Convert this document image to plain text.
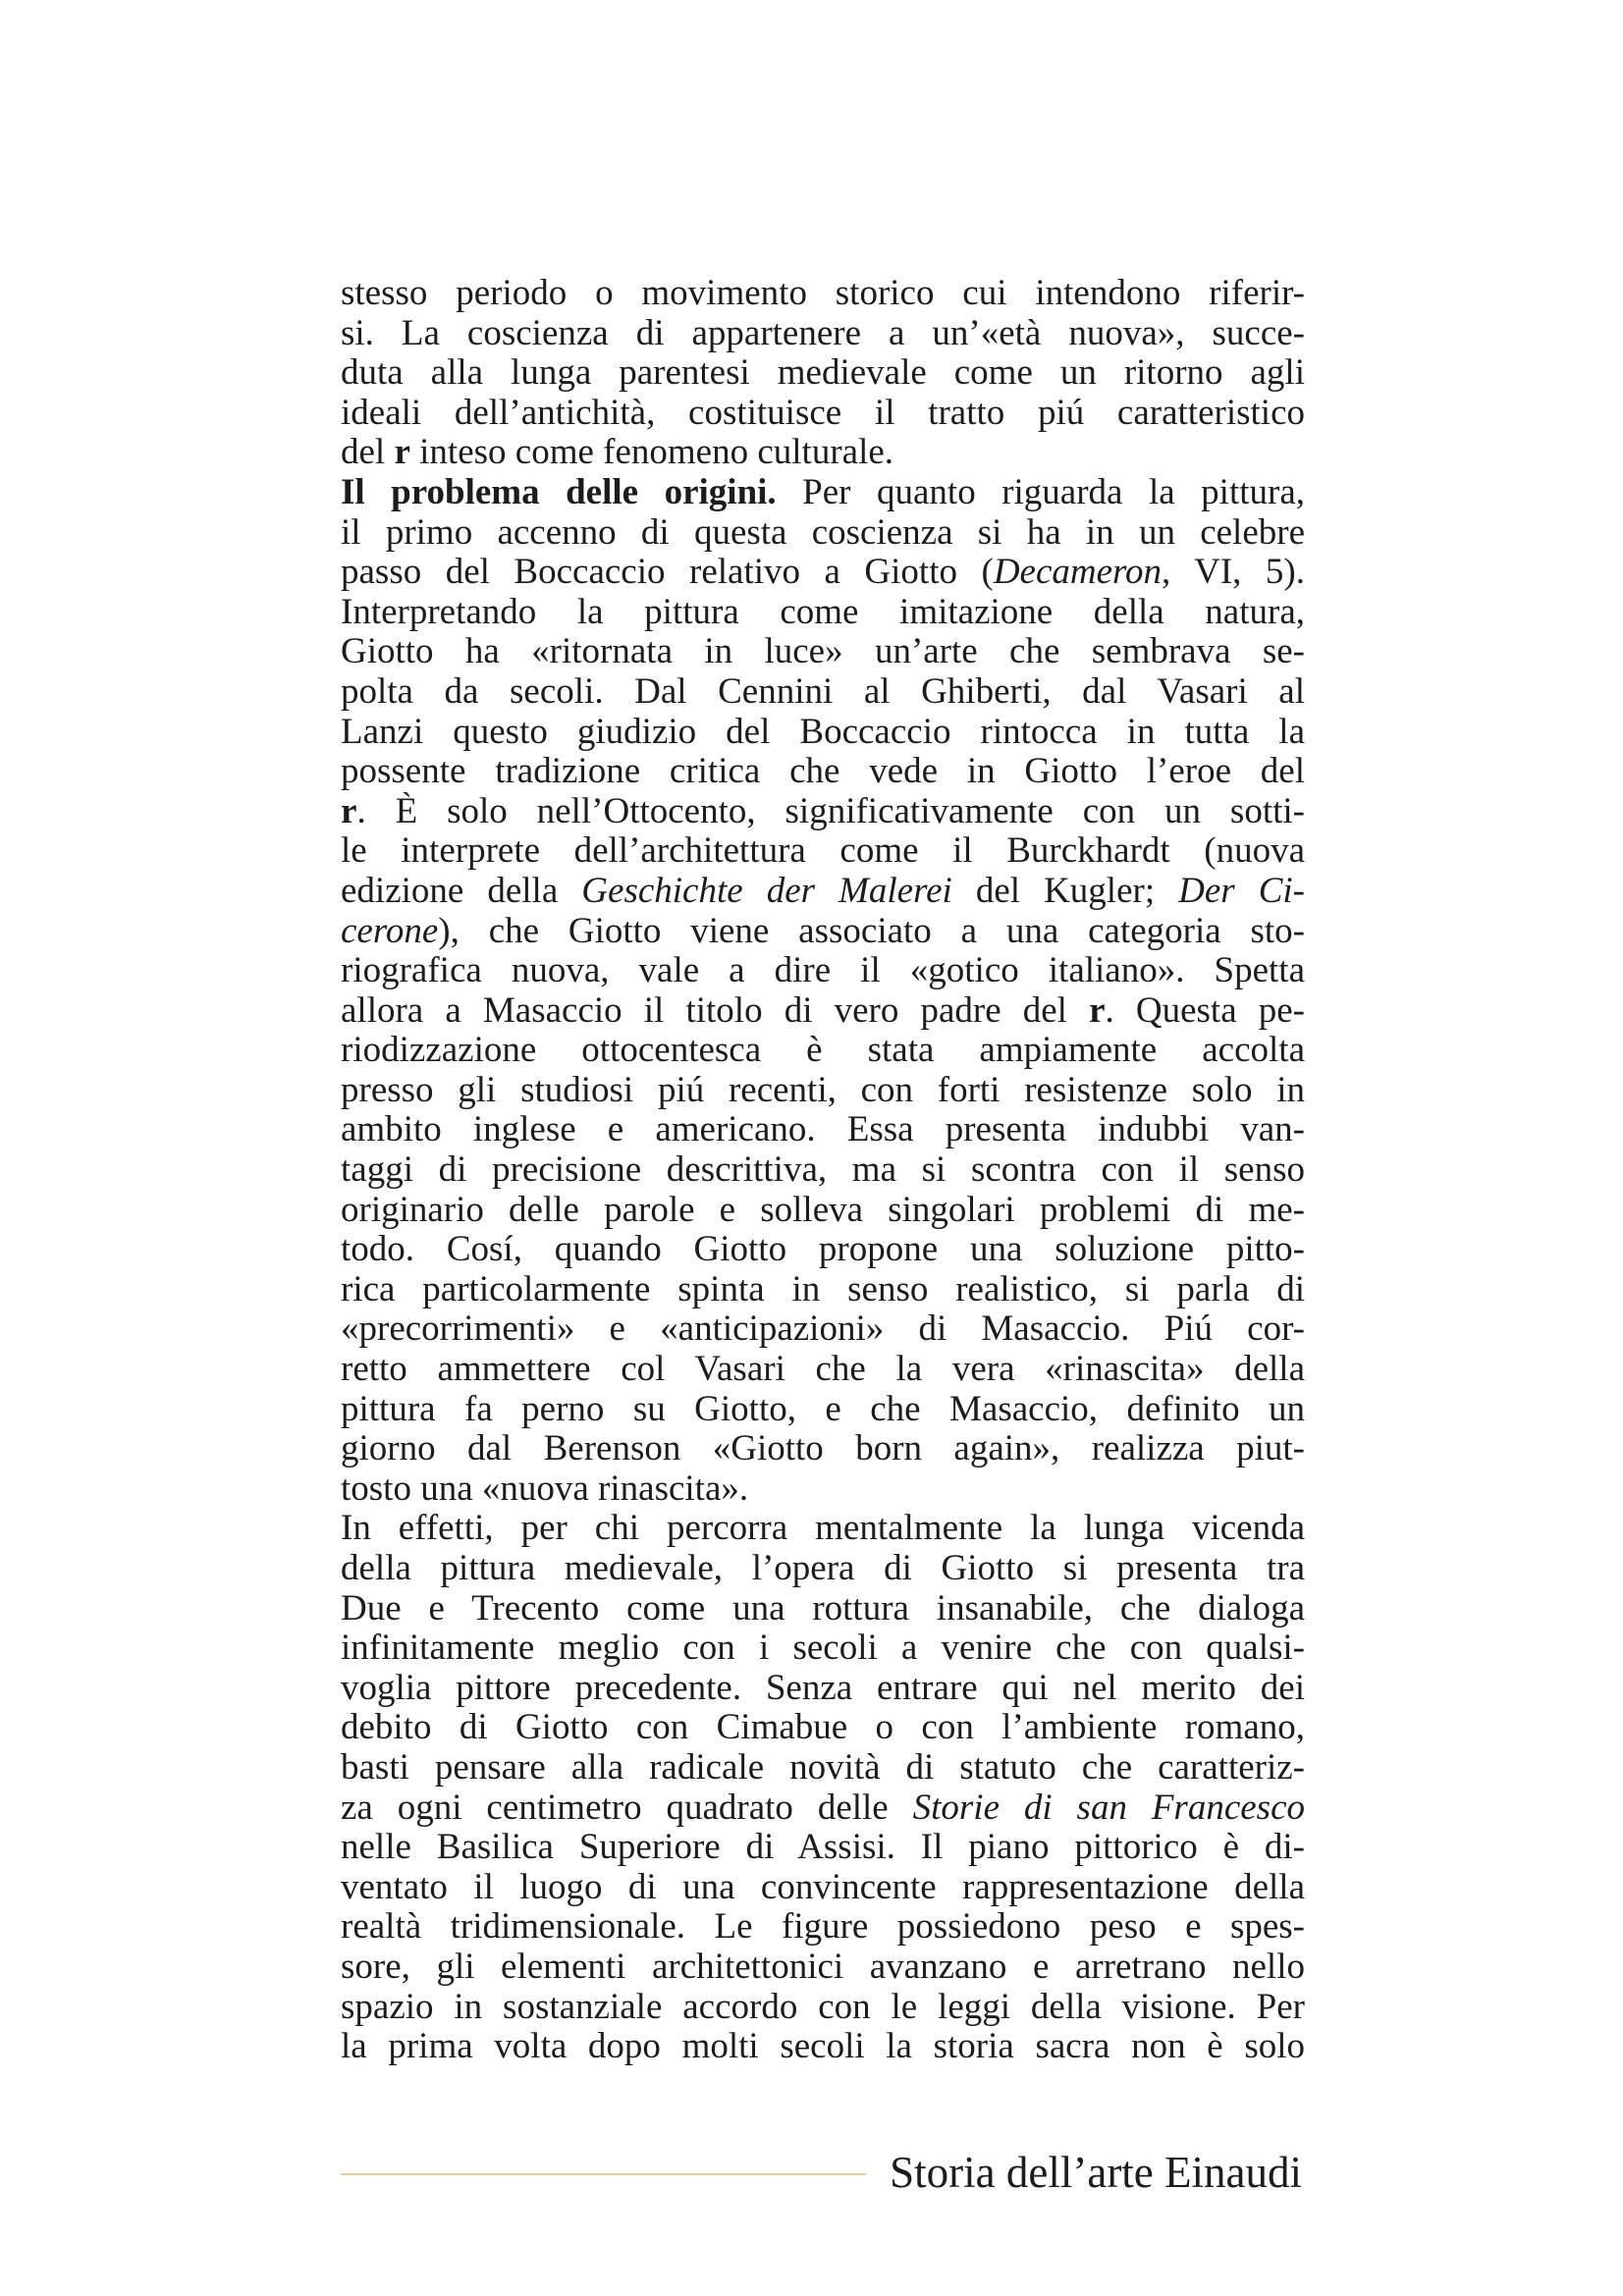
stesso periodo o movimento storico cui intendono riferir-
si. La coscienza di appartenere a un’«età nuova», succe-
duta alla lunga parentesi medievale come un ritorno agli
ideali dell’antichità, costituisce il tratto piú caratteristico
del r inteso come fenomeno culturale.
Il problema delle origini. Per quanto riguarda la pittura,
il primo accenno di questa coscienza si ha in un celebre
passo del Boccaccio relativo a Giotto (Decameron, VI, 5).
Interpretando la pittura come imitazione della natura,
Giotto ha «ritornata in luce» un’arte che sembrava se-
polta da secoli. Dal Cennini al Ghiberti, dal Vasari al
Lanzi questo giudizio del Boccaccio rintocca in tutta la
possente tradizione critica che vede in Giotto l’eroe del
r. È solo nell’Ottocento, significativamente con un sotti-
le interprete dell’architettura come il Burckhardt (nuova
edizione della Geschichte der Malerei del Kugler; Der Ci-
cerone), che Giotto viene associato a una categoria sto-
riografica nuova, vale a dire il «gotico italiano». Spetta
allora a Masaccio il titolo di vero padre del r. Questa pe-
riodizzazione ottocentesca è stata ampiamente accolta
presso gli studiosi piú recenti, con forti resistenze solo in
ambito inglese e americano. Essa presenta indubbi van-
taggi di precisione descrittiva, ma si scontra con il senso
originario delle parole e solleva singolari problemi di me-
todo. Cosí, quando Giotto propone una soluzione pitto-
rica particolarmente spinta in senso realistico, si parla di
«precorrimenti» e «anticipazioni» di Masaccio. Piú cor-
retto ammettere col Vasari che la vera «rinascita» della
pittura fa perno su Giotto, e che Masaccio, definito un
giorno dal Berenson «Giotto born again», realizza piut-
tosto una «nuova rinascita».
In effetti, per chi percorra mentalmente la lunga vicenda
della pittura medievale, l’opera di Giotto si presenta tra
Due e Trecento come una rottura insanabile, che dialoga
infinitamente meglio con i secoli a venire che con qualsi-
voglia pittore precedente. Senza entrare qui nel merito dei
debito di Giotto con Cimabue o con l’ambiente romano,
basti pensare alla radicale novità di statuto che caratteriz-
za ogni centimetro quadrato delle Storie di san Francesco
nelle Basilica Superiore di Assisi. Il piano pittorico è di-
ventato il luogo di una convincente rappresentazione della
realtà tridimensionale. Le figure possiedono peso e spes-
sore, gli elementi architettonici avanzano e arretrano nello
spazio in sostanziale accordo con le leggi della visione. Per
la prima volta dopo molti secoli la storia sacra non è solo
Storia dell’arte Einaudi
